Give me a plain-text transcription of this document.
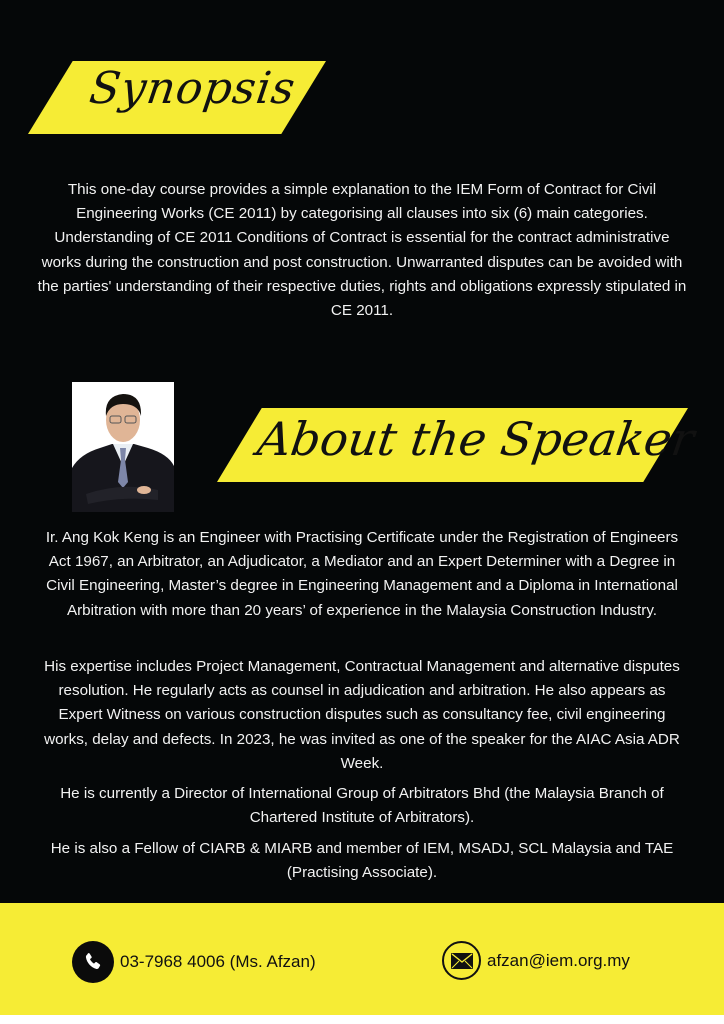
Synopsis

This one-day course provides a simple explanation to the IEM Form of Contract for Civil Engineering Works (CE 2011) by categorising all clauses into six (6) main categories. Understanding of CE 2011 Conditions of Contract is essential for the contract administrative works during the construction and post construction. Unwarranted disputes can be avoided with the parties' understanding of their respective duties, rights and obligations expressly stipulated in CE 2011.

About the Speaker

Ir. Ang Kok Keng is an Engineer with Practising Certificate under the Registration of Engineers Act 1967, an Arbitrator, an Adjudicator, a Mediator and an Expert Determiner with a Degree in Civil Engineering, Master’s degree in Engineering Management and a Diploma in International Arbitration with more than 20 years’ of experience in the Malaysia Construction Industry.

His expertise includes Project Management, Contractual Management and alternative disputes resolution. He regularly acts as counsel in adjudication and arbitration. He also appears as Expert Witness on various construction disputes such as consultancy fee, civil engineering works, delay and defects. In 2023, he was invited as one of the speaker for the AIAC Asia ADR Week.

He is currently a Director of International Group of Arbitrators Bhd (the Malaysia Branch of Chartered Institute of Arbitrators).

He is also a Fellow of CIARB & MIARB and member of IEM, MSADJ, SCL Malaysia and TAE (Practising Associate).

03-7968 4006 (Ms. Afzan)	afzan@iem.org.my
